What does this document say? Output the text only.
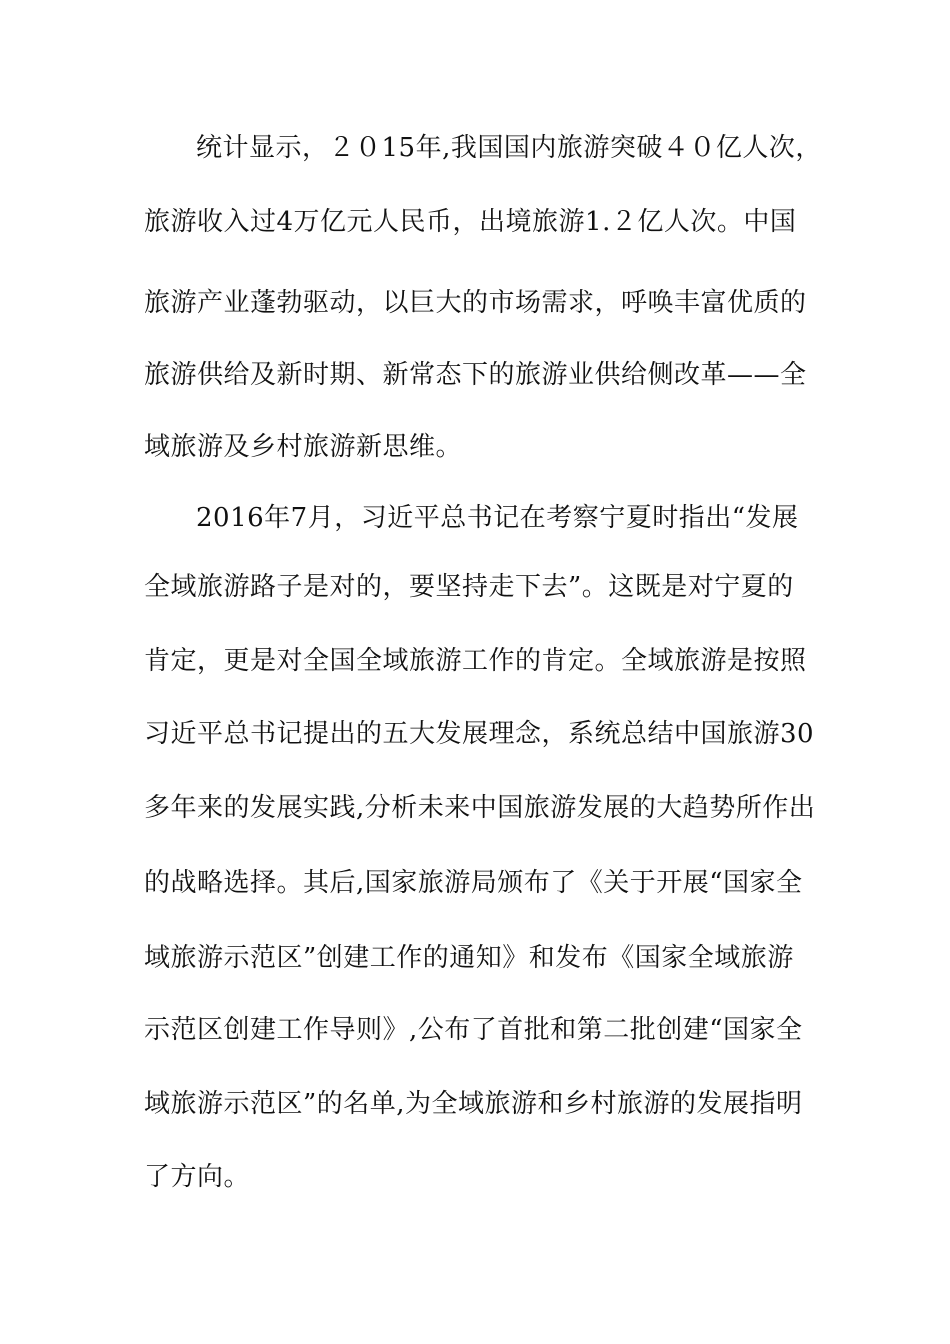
统计显示，２０15年,我国国内旅游突破４０亿人次，
旅游收入过4万亿元人民币，出境旅游1.２亿人次。中国
旅游产业蓬勃驱动，以巨大的市场需求，呼唤丰富优质的
旅游供给及新时期、新常态下的旅游业供给侧改革——全
域旅游及乡村旅游新思维。
2016年7月，习近平总书记在考察宁夏时指出“发展
全域旅游路子是对的，要坚持走下去”。这既是对宁夏的
肯定，更是对全国全域旅游工作的肯定。全域旅游是按照
习近平总书记提出的五大发展理念，系统总结中国旅游30
多年来的发展实践,分析未来中国旅游发展的大趋势所作出
的战略选择。其后,国家旅游局颁布了《关于开展“国家全
域旅游示范区”创建工作的通知》和发布《国家全域旅游
示范区创建工作导则》,公布了首批和第二批创建“国家全
域旅游示范区”的名单,为全域旅游和乡村旅游的发展指明
了方向。
